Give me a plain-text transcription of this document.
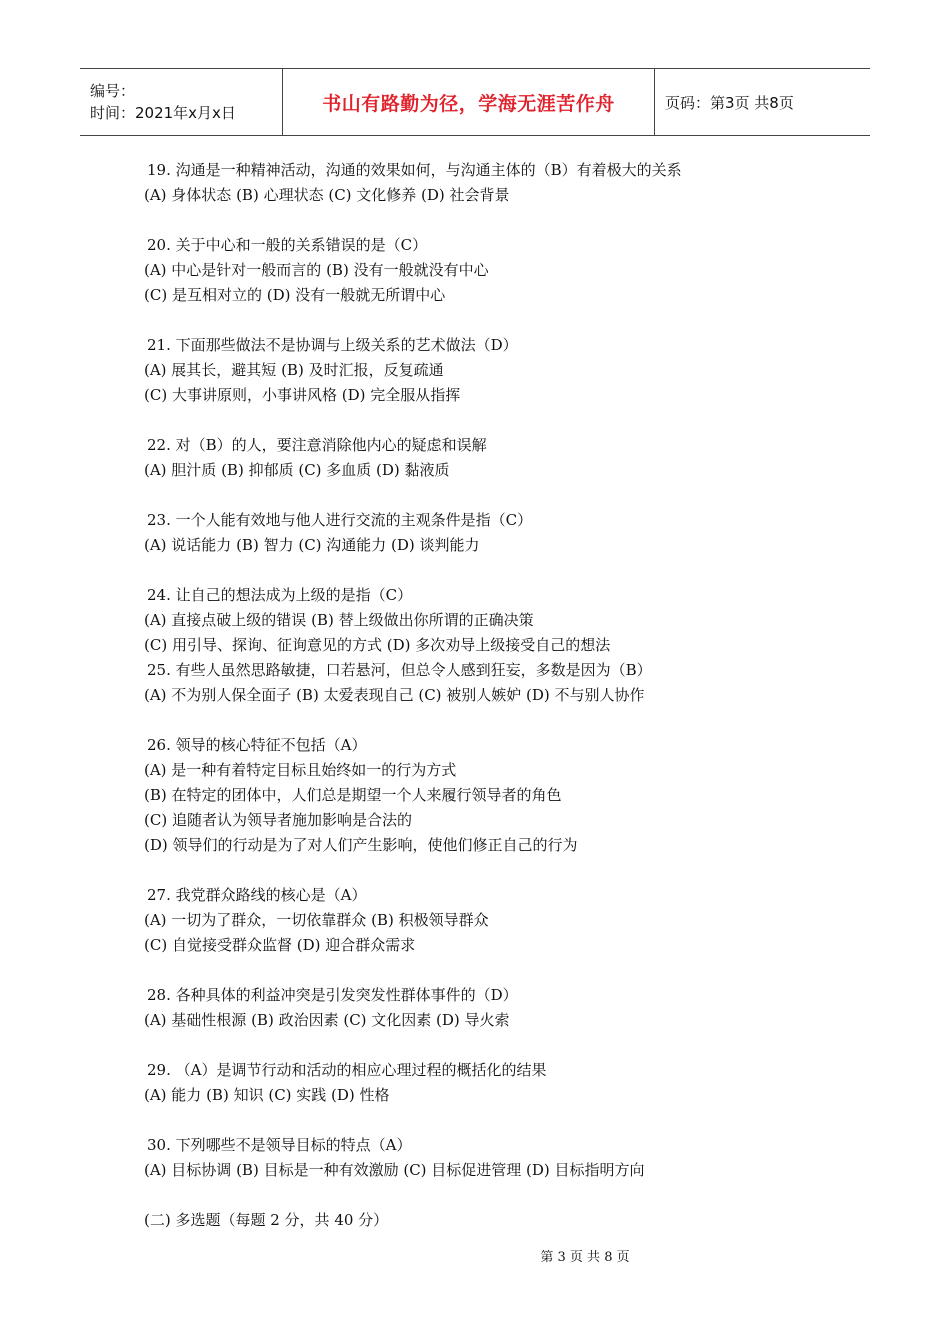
编号：
时间：2021年x月x日	书山有路勤为径，学海无涯苦作舟	页码：第3页 共8页
19. 沟通是一种精神活动，沟通的效果如何，与沟通主体的（B）有着极大的关系
(A) 身体状态 (B) 心理状态 (C) 文化修养 (D) 社会背景
20. 关于中心和一般的关系错误的是（C）
(A) 中心是针对一般而言的 (B) 没有一般就没有中心
(C) 是互相对立的 (D) 没有一般就无所谓中心
21. 下面那些做法不是协调与上级关系的艺术做法（D）
(A) 展其长，避其短 (B) 及时汇报，反复疏通
(C) 大事讲原则，小事讲风格 (D) 完全服从指挥
22. 对（B）的人，要注意消除他内心的疑虑和误解
(A) 胆汁质 (B) 抑郁质 (C) 多血质 (D) 黏液质
23. 一个人能有效地与他人进行交流的主观条件是指（C）
(A) 说话能力 (B) 智力 (C) 沟通能力 (D) 谈判能力
24. 让自己的想法成为上级的是指（C）
(A) 直接点破上级的错误 (B) 替上级做出你所谓的正确决策
(C) 用引导、探询、征询意见的方式 (D) 多次劝导上级接受自己的想法
25. 有些人虽然思路敏捷，口若悬河，但总令人感到狂妄，多数是因为（B）
(A) 不为别人保全面子 (B) 太爱表现自己 (C) 被别人嫉妒 (D) 不与别人协作
26. 领导的核心特征不包括（A）
(A) 是一种有着特定目标且始终如一的行为方式
(B) 在特定的团体中，人们总是期望一个人来履行领导者的角色
(C) 追随者认为领导者施加影响是合法的
(D) 领导们的行动是为了对人们产生影响，使他们修正自己的行为
27. 我党群众路线的核心是（A）
(A) 一切为了群众，一切依靠群众 (B) 积极领导群众
(C) 自觉接受群众监督 (D) 迎合群众需求
28. 各种具体的利益冲突是引发突发性群体事件的（D）
(A) 基础性根源 (B) 政治因素 (C) 文化因素 (D) 导火索
29. （A）是调节行动和活动的相应心理过程的概括化的结果
(A) 能力 (B) 知识 (C) 实践 (D) 性格
30. 下列哪些不是领导目标的特点（A）
(A) 目标协调 (B) 目标是一种有效激励 (C) 目标促进管理 (D) 目标指明方向
(二) 多选题（每题 2 分，共 40 分）
第 3 页 共 8 页
